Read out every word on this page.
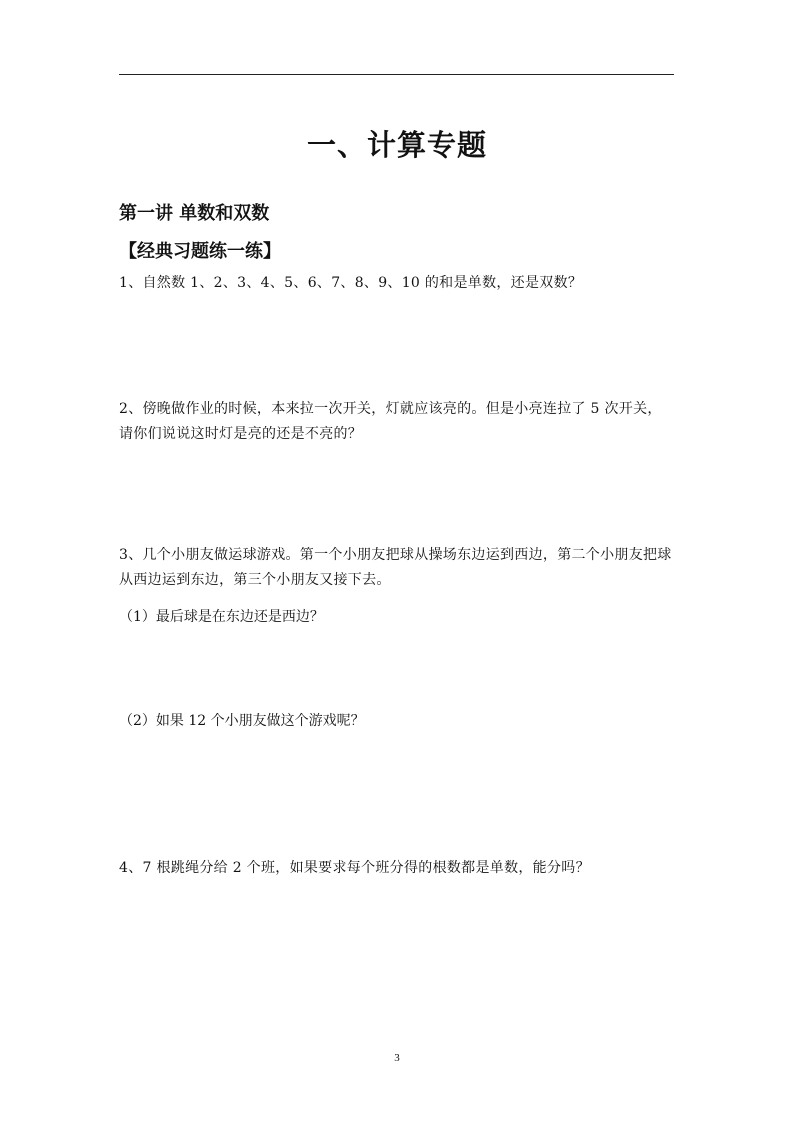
一、计算专题
第一讲 单数和双数
【经典习题练一练】
1、自然数 1、2、3、4、5、6、7、8、9、10 的和是单数，还是双数？
2、傍晚做作业的时候，本来拉一次开关，灯就应该亮的。但是小亮连拉了 5 次开关，请你们说说这时灯是亮的还是不亮的？
3、几个小朋友做运球游戏。第一个小朋友把球从操场东边运到西边，第二个小朋友把球从西边运到东边，第三个小朋友又接下去。
（1）最后球是在东边还是西边？
（2）如果 12 个小朋友做这个游戏呢？
4、7 根跳绳分给 2 个班，如果要求每个班分得的根数都是单数，能分吗？
3
